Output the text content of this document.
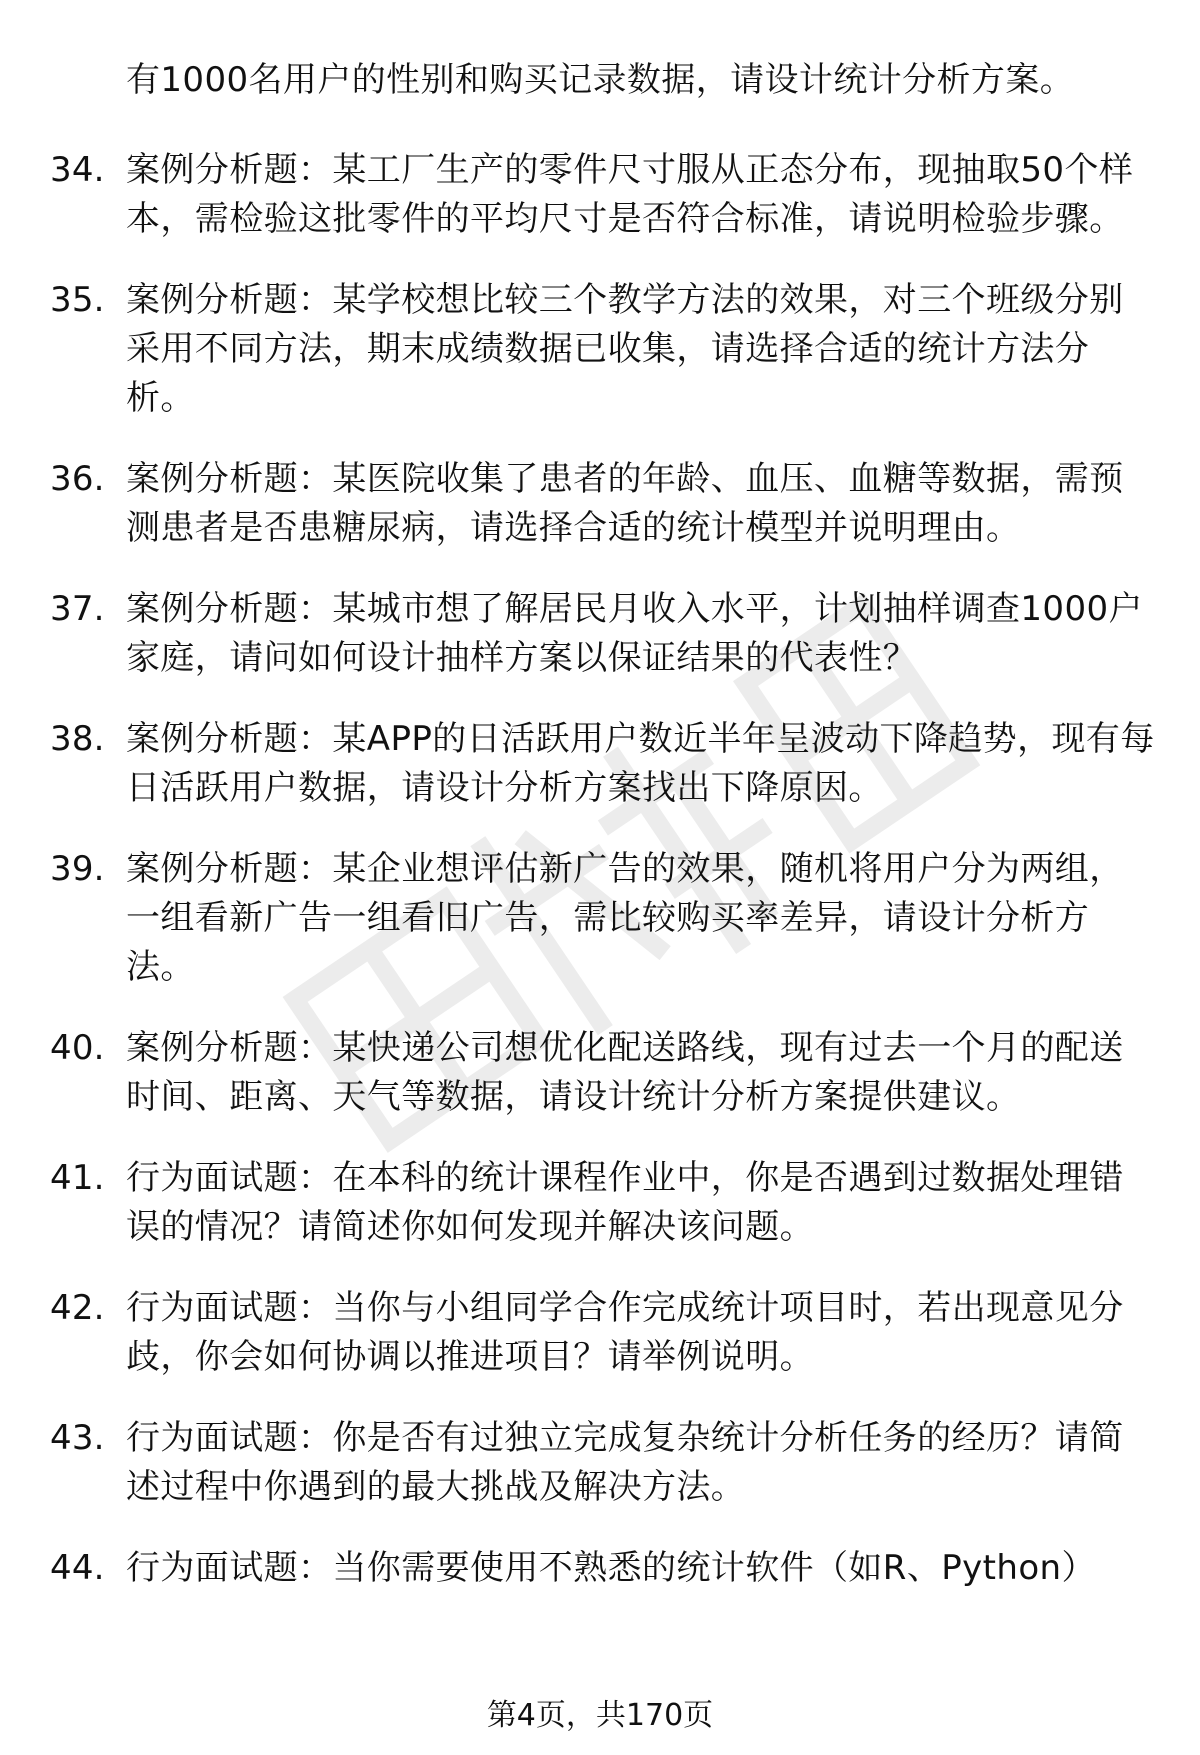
有1000名用户的性别和购买记录数据，请设计统计分析方案。
34. 案例分析题：某工厂生产的零件尺寸服从正态分布，现抽取50个样本，需检验这批零件的平均尺寸是否符合标准，请说明检验步骤。
35. 案例分析题：某学校想比较三个教学方法的效果，对三个班级分别采用不同方法，期末成绩数据已收集，请选择合适的统计方法分析。
36. 案例分析题：某医院收集了患者的年龄、血压、血糖等数据，需预测患者是否患糖尿病，请选择合适的统计模型并说明理由。
37. 案例分析题：某城市想了解居民月收入水平，计划抽样调查1000户家庭，请问如何设计抽样方案以保证结果的代表性？
38. 案例分析题：某APP的日活跃用户数近半年呈波动下降趋势，现有每日活跃用户数据，请设计分析方案找出下降原因。
39. 案例分析题：某企业想评估新广告的效果，随机将用户分为两组，一组看新广告一组看旧广告，需比较购买率差异，请设计分析方法。
40. 案例分析题：某快递公司想优化配送路线，现有过去一个月的配送时间、距离、天气等数据，请设计统计分析方案提供建议。
41. 行为面试题：在本科的统计课程作业中，你是否遇到过数据处理错误的情况？请简述你如何发现并解决该问题。
42. 行为面试题：当你与小组同学合作完成统计项目时，若出现意见分歧，你会如何协调以推进项目？请举例说明。
43. 行为面试题：你是否有过独立完成复杂统计分析任务的经历？请简述过程中你遇到的最大挑战及解决方法。
44. 行为面试题：当你需要使用不熟悉的统计软件（如R、Python）
第4页，共170页
